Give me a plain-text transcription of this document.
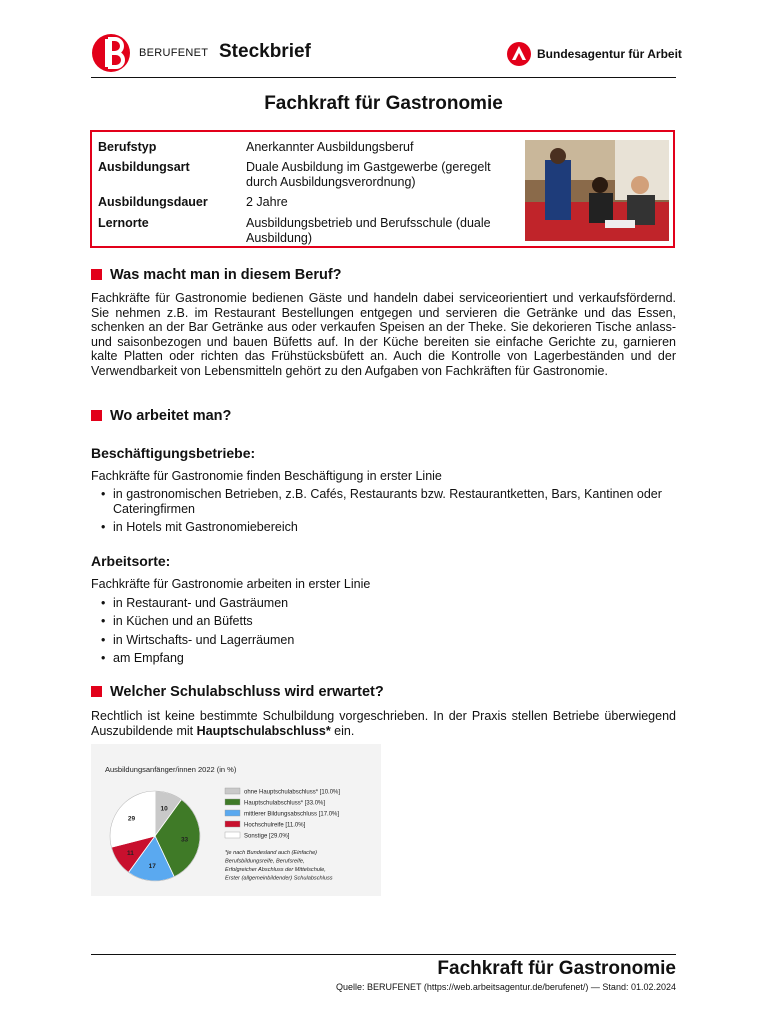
BERUFENET Steckbrief	Bundesagentur für Arbeit
Fachkraft für Gastronomie
Berufstyp	Anerkannter Ausbildungsberuf
Ausbildungsart	Duale Ausbildung im Gastgewerbe (geregelt durch Ausbildungsverordnung)
Ausbildungsdauer	2 Jahre
Lernorte	Ausbildungsbetrieb und Berufsschule (duale Ausbildung)
Was macht man in diesem Beruf?
Fachkräfte für Gastronomie bedienen Gäste und handeln dabei serviceorientiert und verkaufsfördernd. Sie nehmen z.B. im Restaurant Bestellungen entgegen und servieren die Getränke und das Essen, schenken an der Bar Getränke aus oder verkaufen Speisen an der Theke. Sie dekorieren Tische anlass- und saisonbezogen und bauen Büfetts auf. In der Küche bereiten sie einfache Gerichte zu, garnieren kalte Platten oder richten das Frühstücksbüfett an. Auch die Kontrolle von Lagerbeständen und der Verwendbarkeit von Lebensmitteln gehört zu den Aufgaben von Fachkräften für Gastronomie.
Wo arbeitet man?
Beschäftigungsbetriebe:
Fachkräfte für Gastronomie finden Beschäftigung in erster Linie
• in gastronomischen Betrieben, z.B. Cafés, Restaurants bzw. Restaurantketten, Bars, Kantinen oder Cateringfirmen
• in Hotels mit Gastronomiebereich
Arbeitsorte:
Fachkräfte für Gastronomie arbeiten in erster Linie
• in Restaurant- und Gasträumen
• in Küchen und an Büfetts
• in Wirtschafts- und Lagerräumen
• am Empfang
Welcher Schulabschluss wird erwartet?
Rechtlich ist keine bestimmte Schulbildung vorgeschrieben. In der Praxis stellen Betriebe überwiegend Auszubildende mit Hauptschulabschluss* ein.
Ausbildungsanfänger/innen 2022 (in %)
10
33
17
11
29
ohne Hauptschulabschluss* [10.0%]
Hauptschulabschluss* [33.0%]
mittlerer Bildungsabschluss [17.0%]
Hochschulreife [11.0%]
Sonstige [29.0%]
*je nach Bundesland auch (Einfache)
Berufsbildungsreife, Berufsreife,
Erfolgreicher Abschluss der Mittelschule,
Erster (allgemeinbildender) Schulabschluss
Fachkraft für Gastronomie
Quelle: BERUFENET (https://web.arbeitsagentur.de/berufenet/) — Stand: 01.02.2024
